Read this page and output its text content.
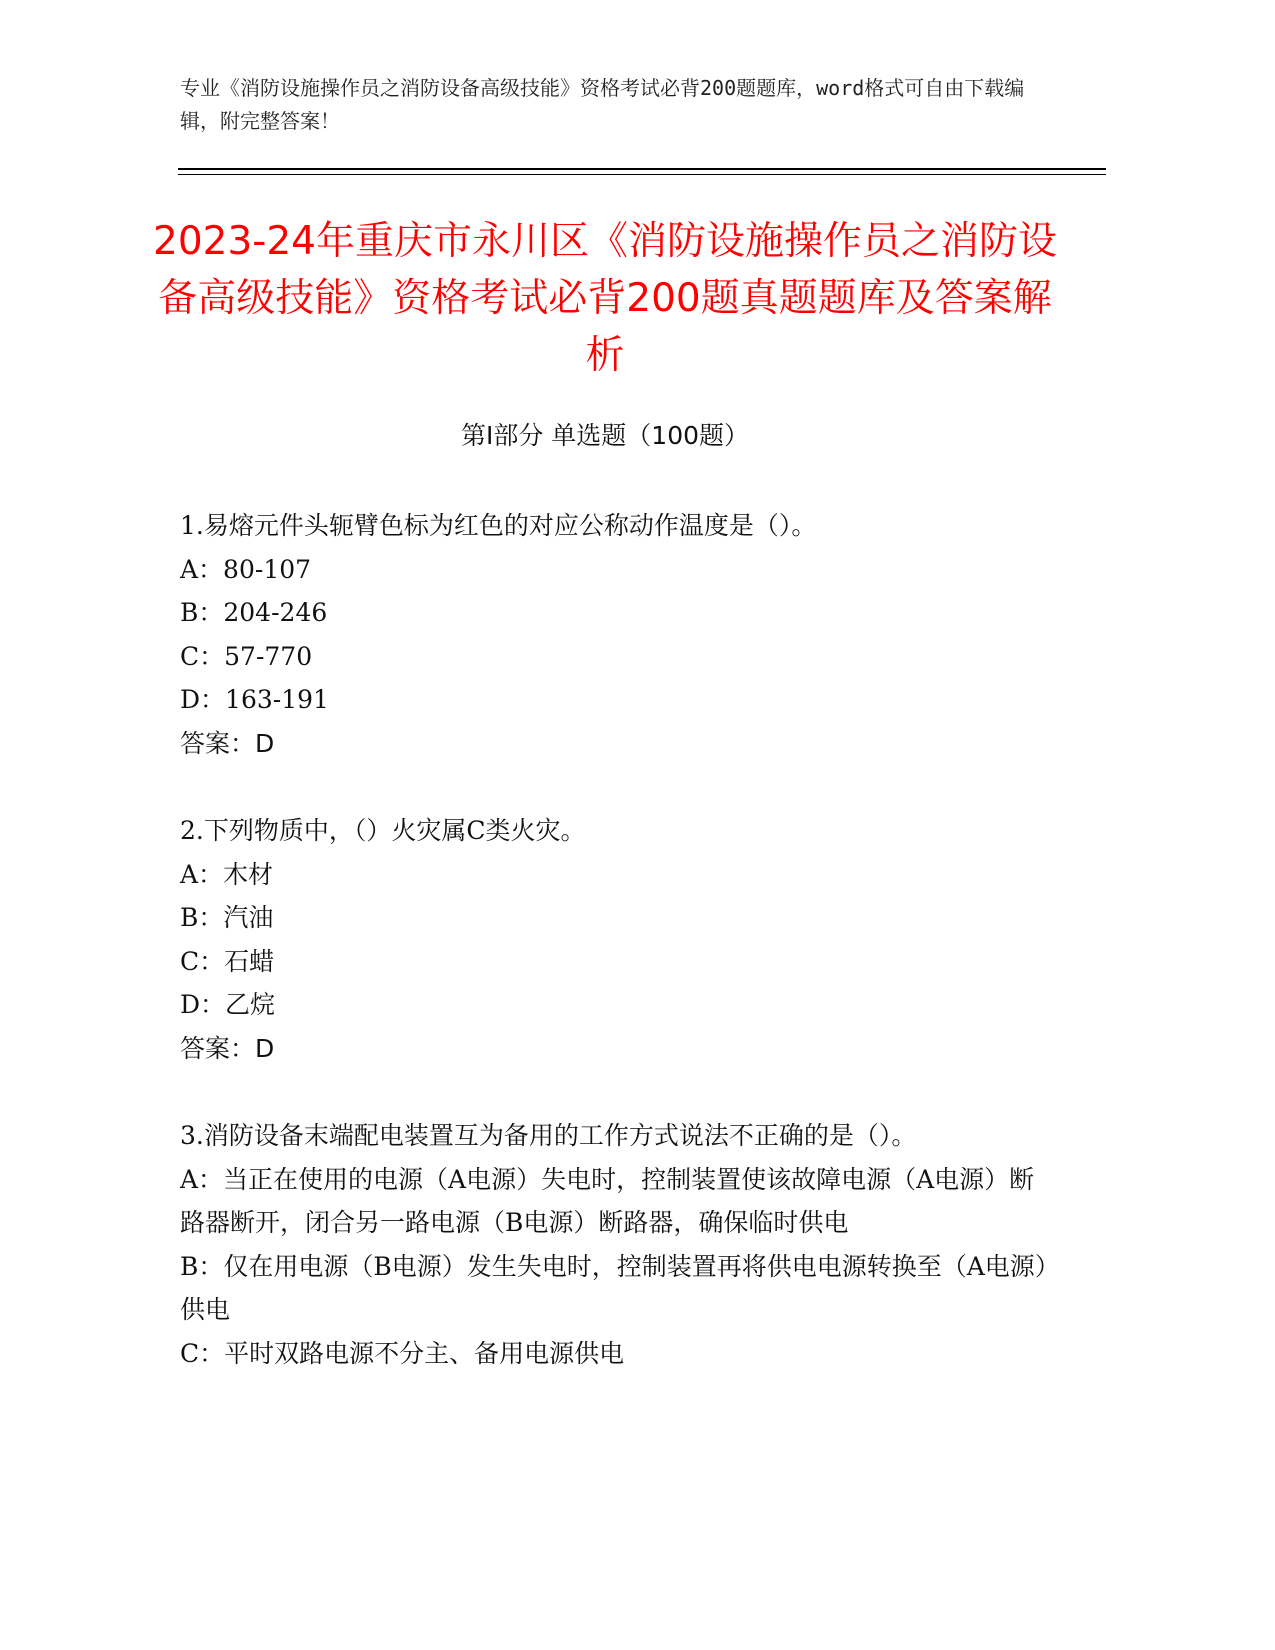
专业《消防设施操作员之消防设备高级技能》资格考试必背200题题库，word格式可自由下载编辑，附完整答案！
2023-24年重庆市永川区《消防设施操作员之消防设备高级技能》资格考试必背200题真题题库及答案解析
第Ⅰ部分 单选题（100题）
1.易熔元件头轭臂色标为红色的对应公称动作温度是（）。
A：80-107
B：204-246
C：57-770
D：163-191
答案：D
2.下列物质中，（）火灾属C类火灾。
A：木材
B：汽油
C：石蜡
D：乙烷
答案：D
3.消防设备末端配电装置互为备用的工作方式说法不正确的是（）。
A：当正在使用的电源（A电源）失电时，控制装置使该故障电源（A电源）断路器断开，闭合另一路电源（B电源）断路器，确保临时供电
B：仅在用电源（B电源）发生失电时，控制装置再将供电电源转换至（A电源）供电
C：平时双路电源不分主、备用电源供电
